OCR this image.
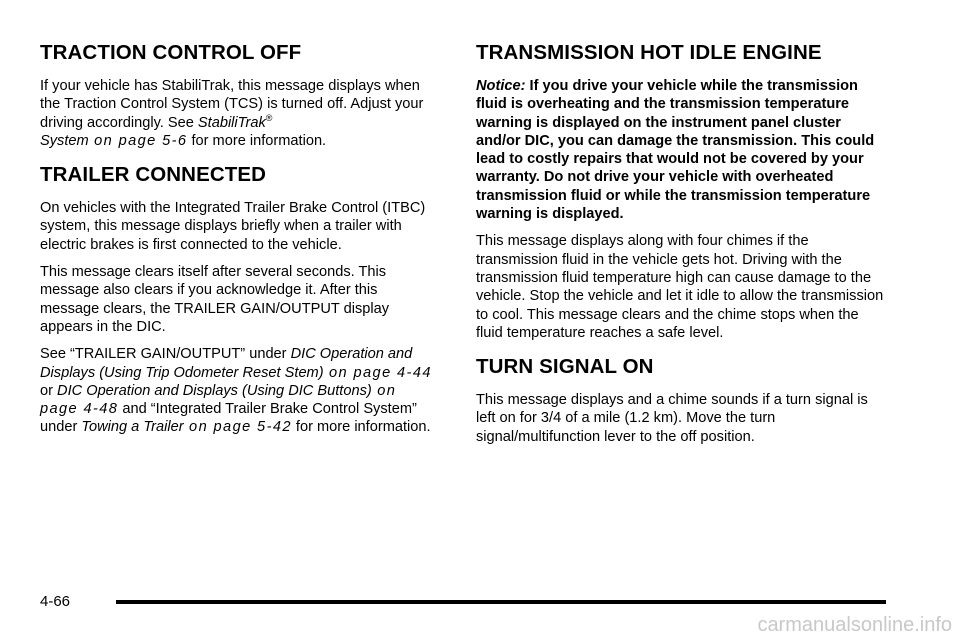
TRACTION CONTROL OFF

If your vehicle has StabiliTrak, this message displays when the Traction Control System (TCS) is turned off. Adjust your driving accordingly. See StabiliTrak®
System on page 5‑6 for more information.

TRAILER CONNECTED

On vehicles with the Integrated Trailer Brake Control (ITBC) system, this message displays briefly when a trailer with electric brakes is first connected to the vehicle.

This message clears itself after several seconds. This message also clears if you acknowledge it. After this message clears, the TRAILER GAIN/OUTPUT display appears in the DIC.

See “TRAILER GAIN/OUTPUT” under DIC Operation and Displays (Using Trip Odometer Reset Stem) on page 4‑44 or DIC Operation and Displays (Using DIC Buttons) on page 4‑48 and “Integrated Trailer Brake Control System” under Towing a Trailer on page 5‑42 for more information.

TRANSMISSION HOT IDLE ENGINE

Notice: If you drive your vehicle while the transmission fluid is overheating and the transmission temperature warning is displayed on the instrument panel cluster and/or DIC, you can damage the transmission. This could lead to costly repairs that would not be covered by your warranty. Do not drive your vehicle with overheated transmission fluid or while the transmission temperature warning is displayed.

This message displays along with four chimes if the transmission fluid in the vehicle gets hot. Driving with the transmission fluid temperature high can cause damage to the vehicle. Stop the vehicle and let it idle to allow the transmission to cool. This message clears and the chime stops when the fluid temperature reaches a safe level.

TURN SIGNAL ON

This message displays and a chime sounds if a turn signal is left on for 3/4 of a mile (1.2 km). Move the turn signal/multifunction lever to the off position.

4-66
carmanualsonline.info
